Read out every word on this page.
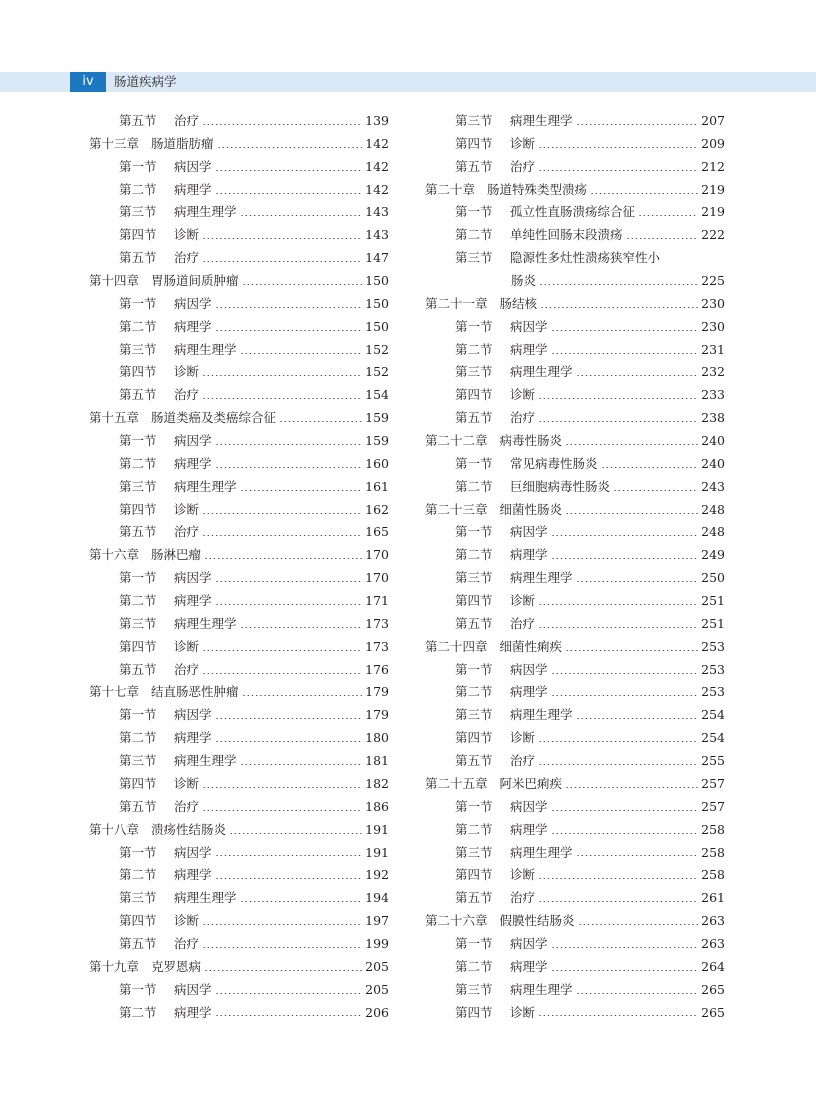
iv	肠道疾病学
第五节	治疗	139
第十三章 肠道脂肪瘤	142
第一节	病因学	142
第二节	病理学	142
第三节	病理生理学	143
第四节	诊断	143
第五节	治疗	147
第十四章 胃肠道间质肿瘤	150
第一节	病因学	150
第二节	病理学	150
第三节	病理生理学	152
第四节	诊断	152
第五节	治疗	154
第十五章 肠道类癌及类癌综合征	159
第一节	病因学	159
第二节	病理学	160
第三节	病理生理学	161
第四节	诊断	162
第五节	治疗	165
第十六章 肠淋巴瘤	170
第一节	病因学	170
第二节	病理学	171
第三节	病理生理学	173
第四节	诊断	173
第五节	治疗	176
第十七章 结直肠恶性肿瘤	179
第一节	病因学	179
第二节	病理学	180
第三节	病理生理学	181
第四节	诊断	182
第五节	治疗	186
第十八章 溃疡性结肠炎	191
第一节	病因学	191
第二节	病理学	192
第三节	病理生理学	194
第四节	诊断	197
第五节	治疗	199
第十九章 克罗恩病	205
第一节	病因学	205
第二节	病理学	206
第三节	病理生理学	207
第四节	诊断	209
第五节	治疗	212
第二十章 肠道特殊类型溃疡	219
第一节	孤立性直肠溃疡综合征	219
第二节	单纯性回肠末段溃疡	222
第三节	隐源性多灶性溃疡狭窄性小
肠炎	225
第二十一章 肠结核	230
第一节	病因学	230
第二节	病理学	231
第三节	病理生理学	232
第四节	诊断	233
第五节	治疗	238
第二十二章 病毒性肠炎	240
第一节	常见病毒性肠炎	240
第二节	巨细胞病毒性肠炎	243
第二十三章 细菌性肠炎	248
第一节	病因学	248
第二节	病理学	249
第三节	病理生理学	250
第四节	诊断	251
第五节	治疗	251
第二十四章 细菌性痢疾	253
第一节	病因学	253
第二节	病理学	253
第三节	病理生理学	254
第四节	诊断	254
第五节	治疗	255
第二十五章 阿米巴痢疾	257
第一节	病因学	257
第二节	病理学	258
第三节	病理生理学	258
第四节	诊断	258
第五节	治疗	261
第二十六章 假膜性结肠炎	263
第一节	病因学	263
第二节	病理学	264
第三节	病理生理学	265
第四节	诊断	265
